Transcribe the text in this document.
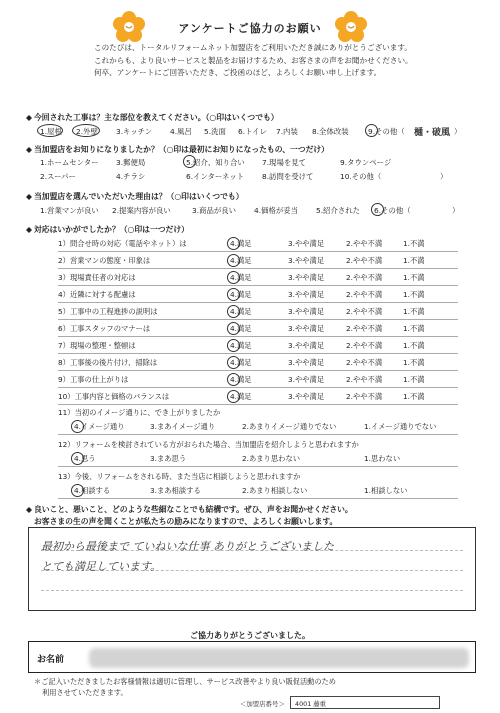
アンケートご協力のお願い

このたびは、トータルリフォームネット加盟店をご利用いただき誠にありがとうございます。

これからも、より良いサービスと製品をお届けするため、お客さまの声をお聞かせください。

何卒、アンケートにご回答いただき、ご投函のほど、よろしくお願い申し上げます。

◆ 今回された工事は？主な部位を教えてください。（○印はいくつでも）
1.屋根 2.外壁 3.キッチン 4.風呂 5.洗面 6.トイレ 7.内装 8.全体改装	9.その他（ 樋・破風 ）
◆ 当加盟店をお知りになりましたか？（○印は最初にお知りになったもの、一つだけ）
1.ホームセンター 3.郵便局	5.紹介、知り合い 7.現場を見て	9.タウンページ
2.スーパー	4.チラシ	6.インターネット 8.訪問を受けて	10.その他（	）
◆ 当加盟店を選んでいただいた理由は？（○印はいくつでも）
1.営業マンが良い 2.提案内容が良い	3.商品が良い 4.価格が妥当 5.紹介された 6.その他（	）
◆ 対応はいかがでしたか？（○印は一つだけ）
1）問合せ時の対応（電話やネット）は	4.満足	3.やや満足	2.やや不満	1.不満
2）営業マンの態度・印象は	4.満足	3.やや満足	2.やや不満	1.不満
3）現場責任者の対応は	4.満足	3.やや満足	2.やや不満	1.不満
4）近隣に対する配慮は	4.満足	3.やや満足	2.やや不満	1.不満
5）工事中の工程進捗の説明は	4.満足	3.やや満足	2.やや不満	1.不満
6）工事スタッフのマナーは	4.満足	3.やや満足	2.やや不満	1.不満
7）現場の整理・整頓は	4.満足	3.やや満足	2.やや不満	1.不満
8）工事後の後片付け、掃除は	4.満足	3.やや満足	2.やや不満	1.不満
9）工事の仕上がりは	4.満足	3.やや満足	2.やや不満	1.不満
10）工事内容と価格のバランスは	4.満足	3.やや満足	2.やや不満	1.不満
11）当初のイメージ通りに、でき上がりましたか
4.イメージ通り	3.まあイメージ通り	2.あまりイメージ通りでない	1.イメージ通りでない
12）リフォームを検討されている方がおられた場合、当加盟店を紹介しようと思われますか
4.思う	3.まあ思う	2.あまり思わない	1.思わない
13）今後、リフォームをされる時、また当店に相談しようと思われますか
4.相談する	3.まあ相談する	2.あまり相談しない	1.相談しない
◆ 良いこと、悪いこと、どのような些細なことでも結構です。ぜひ、声をお聞かせください。
お客さまの生の声を聞くことが私たちの励みになりますので、よろしくお願いします。
最初から最後まで ていねいな仕事 ありがとうございました
とても満足しています。
ご協力ありがとうございました。
お名前
＊ご記入いただきましたお客様情報は適切に管理し、サービス改善やより良い販促活動のため
利用させていただきます。
＜加盟店番号＞	4001 藤重
